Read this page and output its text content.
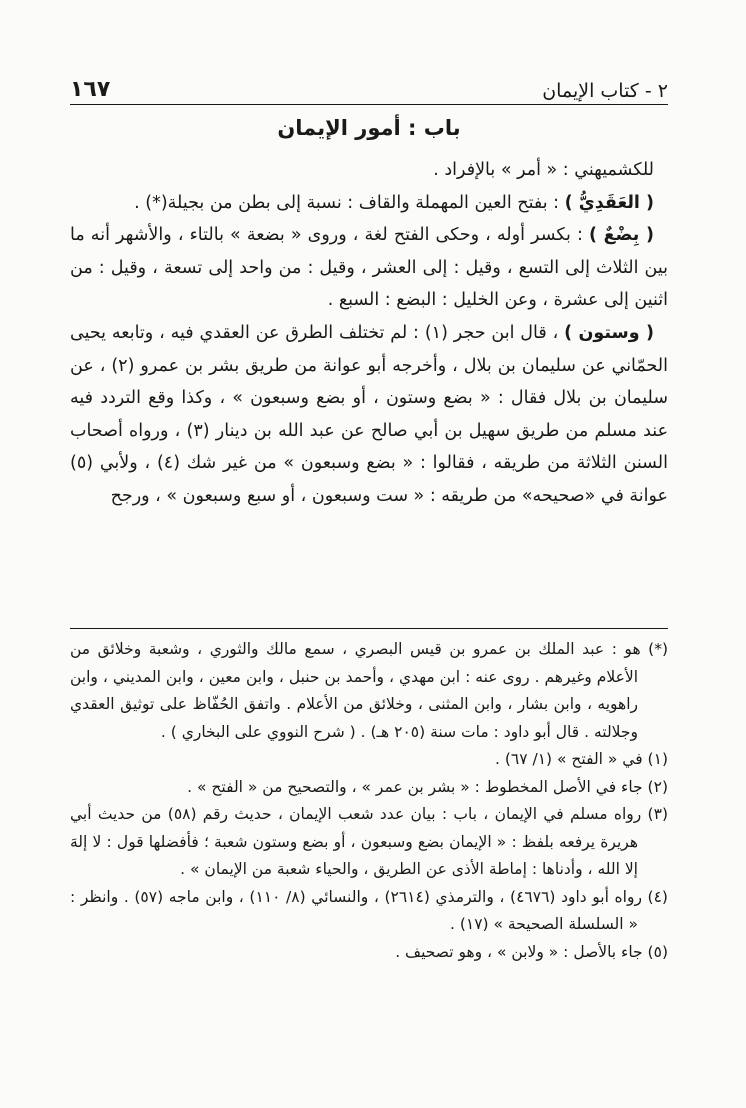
٢ - كتاب الإيمان
١٦٧
باب : أمور الإيمان

للكشميهني : « أمر » بالإفراد .

( العَقَدِيُّ ) : بفتح العين المهملة والقاف : نسبة إلى بطن من بجيلة(*) .

( بِضْعٌ ) : بكسر أوله ، وحكى الفتح لغة ، وروى « بضعة » بالتاء ، والأشهر أنه ما بين الثلاث إلى التسع ، وقيل : إلى العشر ، وقيل : من واحد إلى تسعة ، وقيل : من اثنين إلى عشرة ، وعن الخليل : البضع : السبع .

( وستون ) ، قال ابن حجر (١) : لم تختلف الطرق عن العقدي فيه ، وتابعه يحيى الحمّاني عن سليمان بن بلال ، وأخرجه أبو عوانة من طريق بشر بن عمرو (٢) ، عن سليمان بن بلال فقال : « بضع وستون ، أو بضع وسبعون » ، وكذا وقع التردد فيه عند مسلم من طريق سهيل بن أبي صالح عن عبد الله بن دينار (٣) ، ورواه أصحاب السنن الثلاثة من طريقه ، فقالوا : « بضع وسبعون » من غير شك (٤) ، ولأبي (٥) عوانة في «صحيحه» من طريقه : « ست وسبعون ، أو سبع وسبعون » ، ورجح

(*) هو : عبد الملك بن عمرو بن قيس البصري ، سمع مالك والثوري ، وشعبة وخلائق من الأعلام وغيرهم . روى عنه : ابن مهدي ، وأحمد بن حنبل ، وابن معين ، وابن المديني ، وابن راهويه ، وابن بشار ، وابن المثنى ، وخلائق من الأعلام . واتفق الحُفّاظ على توثيق العقدي وجلالته . قال أبو داود : مات سنة (٢٠٥ هـ) . ( شرح النووي على البخاري ) .

(١) في « الفتح » (١/ ٦٧) .

(٢) جاء في الأصل المخطوط : « بشر بن عمر » ، والتصحيح من « الفتح » .

(٣) رواه مسلم في الإيمان ، باب : بيان عدد شعب الإيمان ، حديث رقم (٥٨) من حديث أبي هريرة يرفعه بلفظ : « الإيمان بضع وسبعون ، أو بضع وستون شعبة ؛ فأفضلها قول : لا إلهَ إلا الله ، وأدناها : إماطة الأذى عن الطريق ، والحياء شعبة من الإيمان » .

(٤) رواه أبو داود (٤٦٧٦) ، والترمذي (٢٦١٤) ، والنسائي (٨/ ١١٠) ، وابن ماجه (٥٧) . وانظر : « السلسلة الصحيحة » (١٧) .

(٥) جاء بالأصل : « ولابن » ، وهو تصحيف .
